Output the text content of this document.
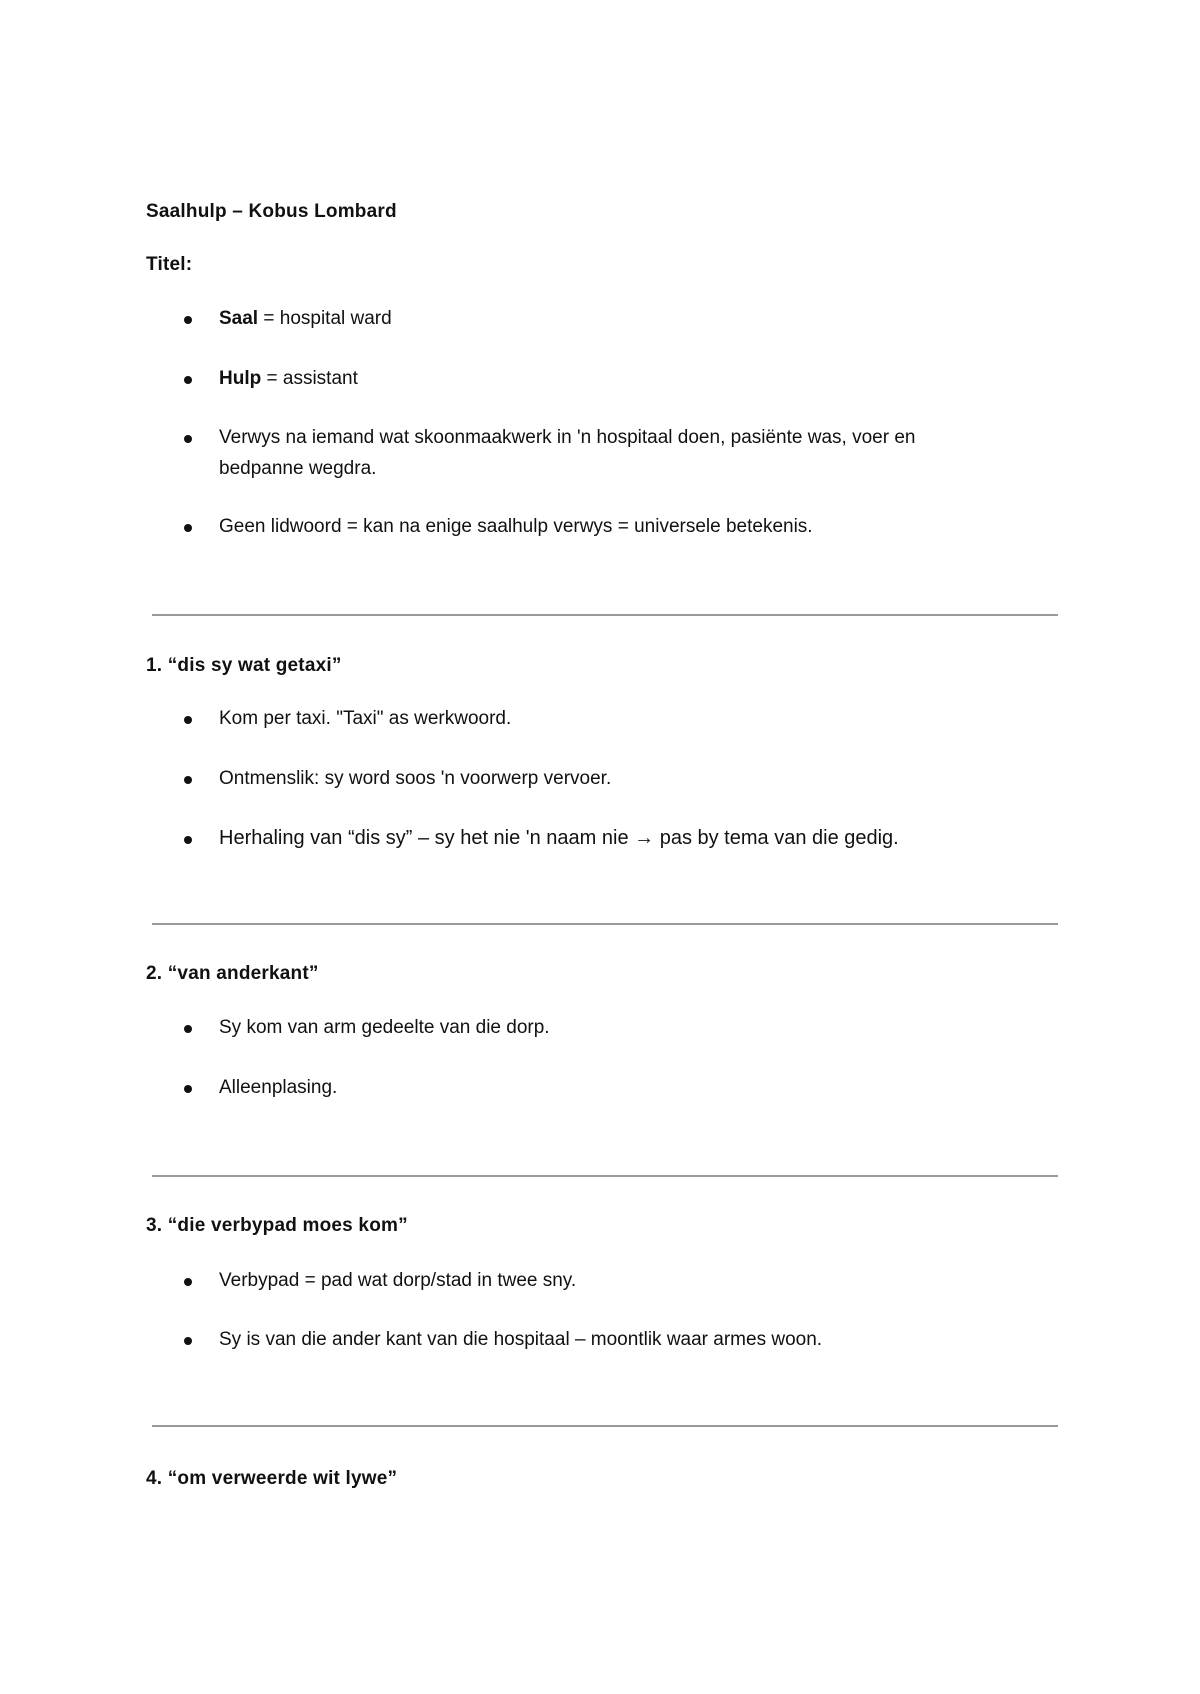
Saalhulp – Kobus Lombard
Titel:
Saal = hospital ward
Hulp = assistant
Verwys na iemand wat skoonmaakwerk in 'n hospitaal doen, pasiënte was, voer en
bedpanne wegdra.
Geen lidwoord = kan na enige saalhulp verwys = universele betekenis.
1. “dis sy wat getaxi”
Kom per taxi. "Taxi" as werkwoord.
Ontmenslik: sy word soos 'n voorwerp vervoer.
Herhaling van “dis sy” – sy het nie 'n naam nie → pas by tema van die gedig.
2. “van anderkant”
Sy kom van arm gedeelte van die dorp.
Alleenplasing.
3. “die verbypad moes kom”
Verbypad = pad wat dorp/stad in twee sny.
Sy is van die ander kant van die hospitaal – moontlik waar armes woon.
4. “om verweerde wit lywe”
